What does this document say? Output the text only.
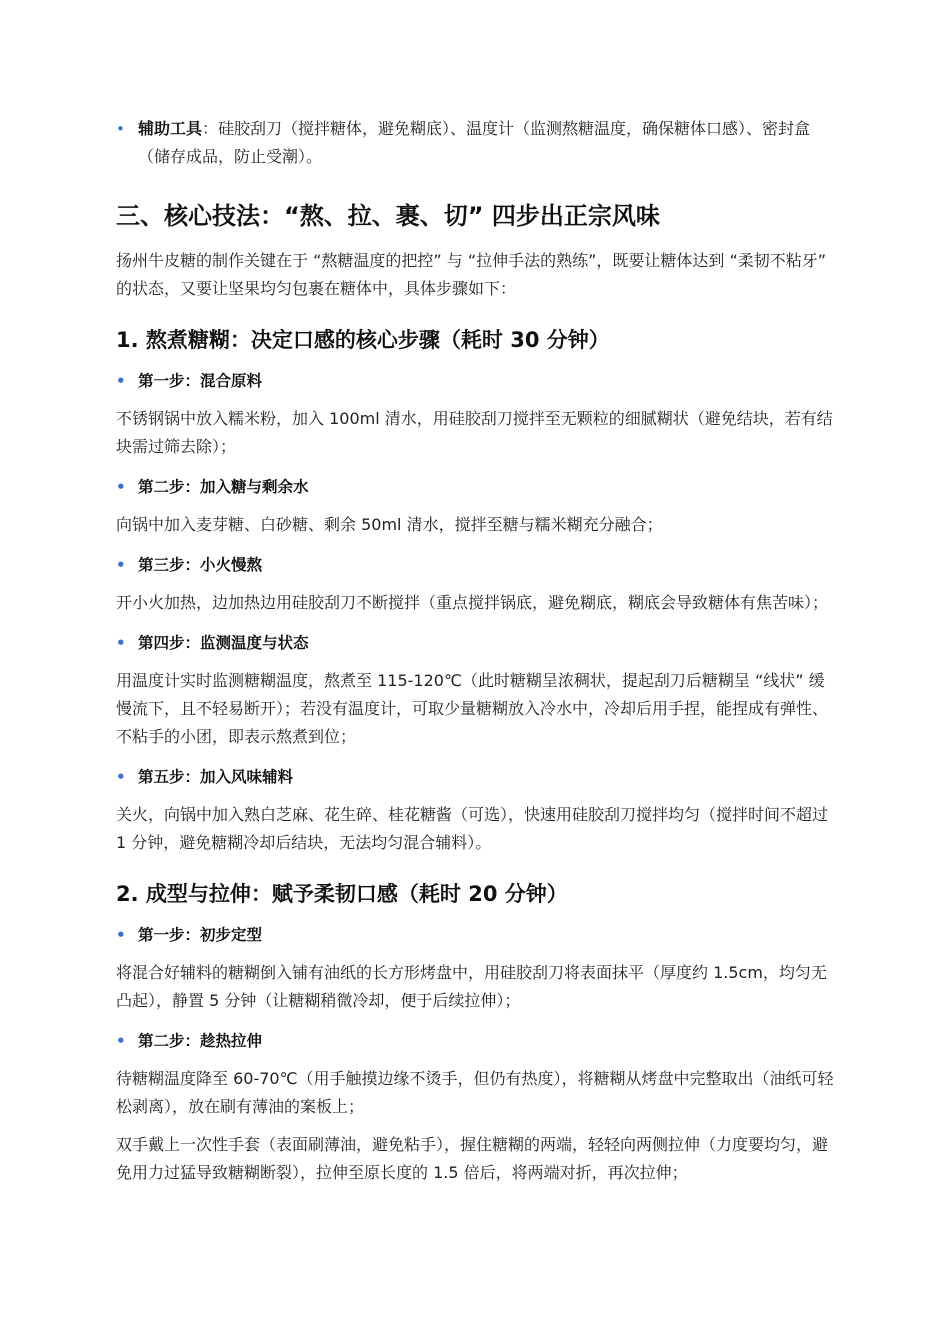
• 辅助工具：硅胶刮刀（搅拌糖体，避免糊底）、温度计（监测熬糖温度，确保糖体口感）、密封盒（储存成品，防止受潮）。
三、核心技法：“熬、拉、裹、切” 四步出正宗风味

扬州牛皮糖的制作关键在于 “熬糖温度的把控” 与 “拉伸手法的熟练”，既要让糖体达到 “柔韧不粘牙” 的状态，又要让坚果均匀包裹在糖体中，具体步骤如下：

1. 熬煮糖糊：决定口感的核心步骤（耗时 30 分钟）
• 第一步：混合原料

不锈钢锅中放入糯米粉，加入 100ml 清水，用硅胶刮刀搅拌至无颗粒的细腻糊状（避免结块，若有结块需过筛去除）；

• 第二步：加入糖与剩余水

向锅中加入麦芽糖、白砂糖、剩余 50ml 清水，搅拌至糖与糯米糊充分融合；

• 第三步：小火慢熬

开小火加热，边加热边用硅胶刮刀不断搅拌（重点搅拌锅底，避免糊底，糊底会导致糖体有焦苦味）；

• 第四步：监测温度与状态

用温度计实时监测糖糊温度，熬煮至 115-120℃（此时糖糊呈浓稠状，提起刮刀后糖糊呈 “线状” 缓慢流下，且不轻易断开）；若没有温度计，可取少量糖糊放入冷水中，冷却后用手捏，能捏成有弹性、不粘手的小团，即表示熬煮到位；

• 第五步：加入风味辅料

关火，向锅中加入熟白芝麻、花生碎、桂花糖酱（可选），快速用硅胶刮刀搅拌均匀（搅拌时间不超过 1 分钟，避免糖糊冷却后结块，无法均匀混合辅料）。

2. 成型与拉伸：赋予柔韧口感（耗时 20 分钟）
• 第一步：初步定型

将混合好辅料的糖糊倒入铺有油纸的长方形烤盘中，用硅胶刮刀将表面抹平（厚度约 1.5cm，均匀无凸起），静置 5 分钟（让糖糊稍微冷却，便于后续拉伸）；

• 第二步：趁热拉伸

待糖糊温度降至 60-70℃（用手触摸边缘不烫手，但仍有热度），将糖糊从烤盘中完整取出（油纸可轻松剥离），放在刷有薄油的案板上；

双手戴上一次性手套（表面刷薄油，避免粘手），握住糖糊的两端，轻轻向两侧拉伸（力度要均匀，避免用力过猛导致糖糊断裂），拉伸至原长度的 1.5 倍后，将两端对折，再次拉伸；
